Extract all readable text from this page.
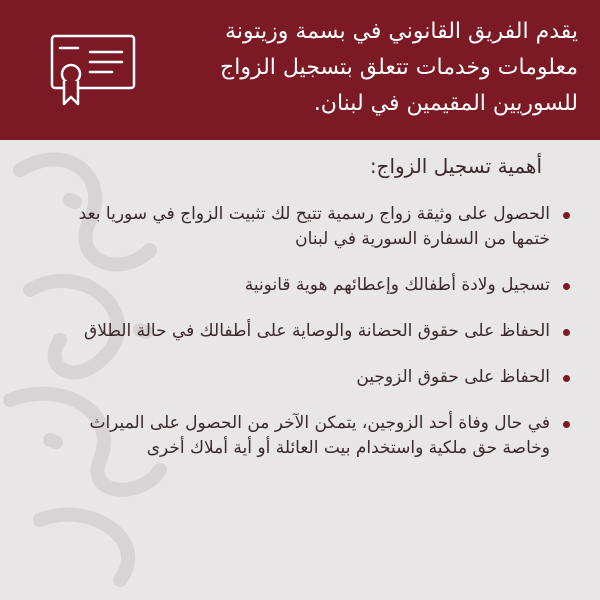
يقدم الفريق القانوني في بسمة وزيتونة
معلومات وخدمات تتعلق بتسجيل الزواج
للسوريين المقيمين في لبنان.

أهمية تسجيل الزواج:
الحصول على وثيقة زواج رسمية تتيح لك تثبيت الزواج في سوريا بعد
ختمها من السفارة السورية في لبنان
تسجيل ولادة أطفالك وإعطائهم هوية قانونية
الحفاظ على حقوق الحضانة والوصاية على أطفالك في حالة الطلاق
الحفاظ على حقوق الزوجين
في حال وفاة أحد الزوجين، يتمكن الآخر من الحصول على الميراث
وخاصة حق ملكية واستخدام بيت العائلة أو أية أملاك أخرى
